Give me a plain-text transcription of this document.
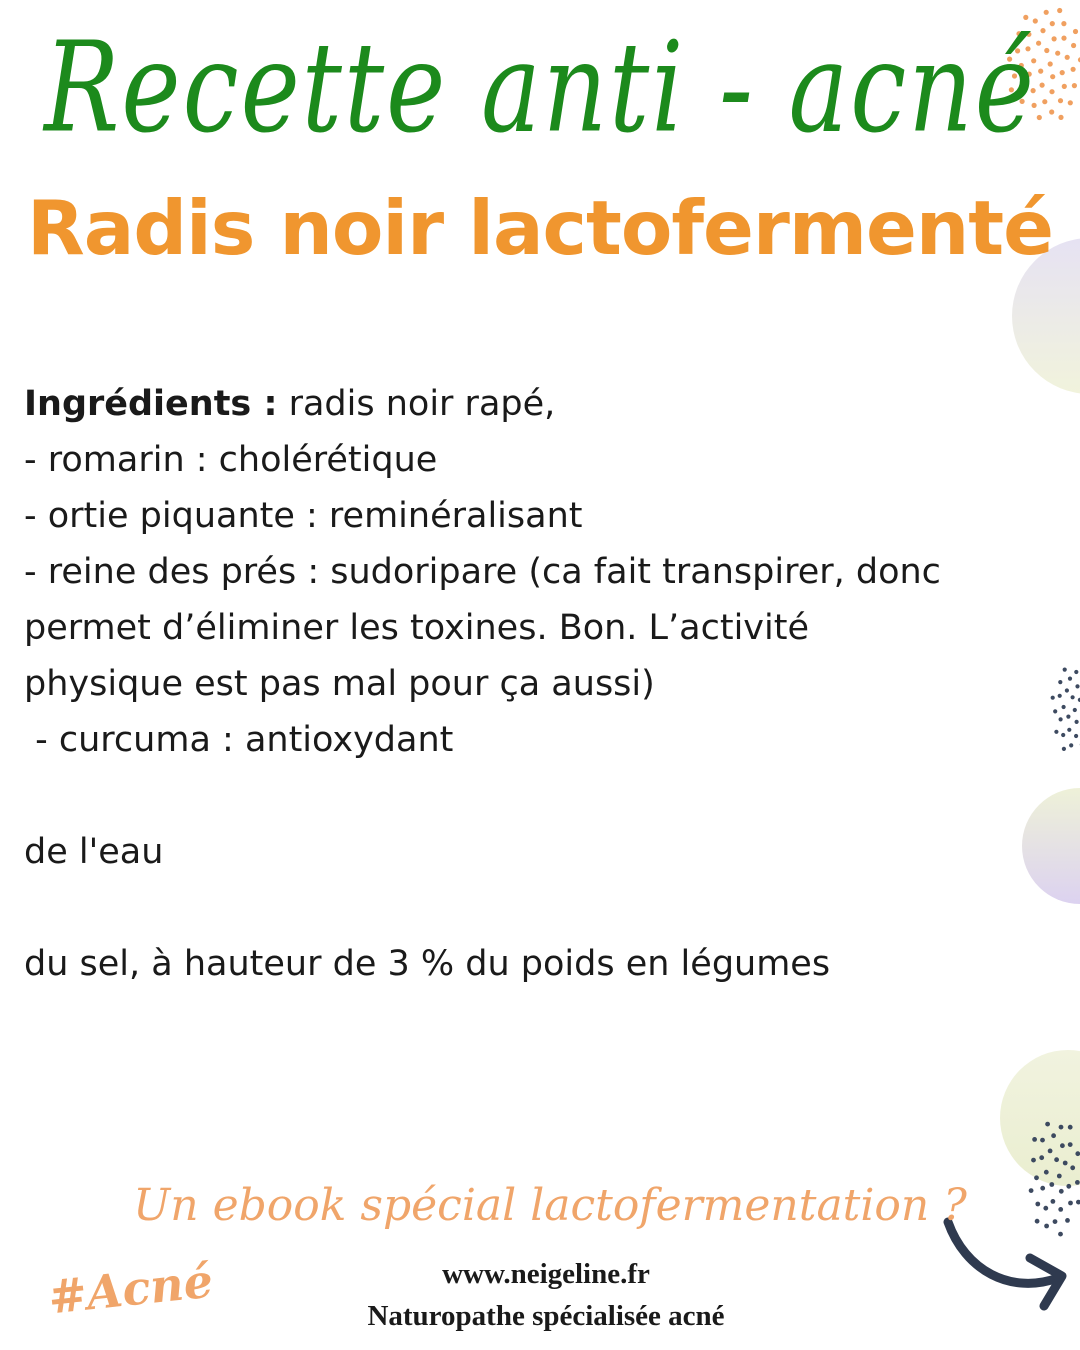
Recette anti - acné
Radis noir lactofermenté
Ingrédients : radis noir rapé,
- romarin : cholérétique
- ortie piquante : reminéralisant
- reine des prés : sudoripare (ca fait transpirer, donc
permet d’éliminer les toxines. Bon. L’activité
physique est pas mal pour ça aussi)
- curcuma : antioxydant
de l'eau
du sel, à hauteur de 3 % du poids en légumes
Un ebook spécial lactofermentation ?
#Acné	www.neigeline.fr
Naturopathe spécialisée acné
